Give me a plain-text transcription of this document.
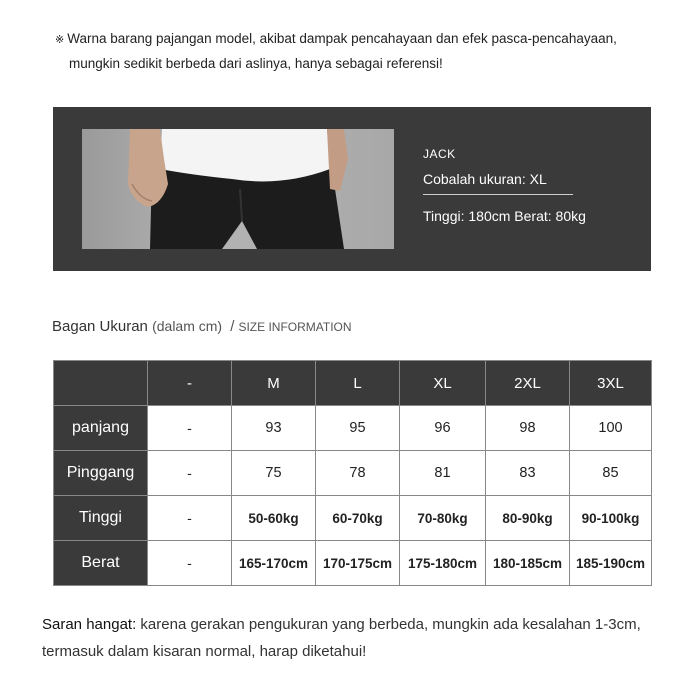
※ Warna barang pajangan model, akibat dampak pencahayaan dan efek pasca-pencahayaan,
mungkin sedikit berbeda dari aslinya, hanya sebagai referensi!
JACK
Cobalah ukuran: XL
Tinggi: 180cm Berat: 80kg
Bagan Ukuran (dalam cm) / SIZE INFORMATION
	-	M	L	XL	2XL	3XL
panjang	-	93	95	96	98	100
Pinggang	-	75	78	81	83	85
Tinggi	-	50-60kg	60-70kg	70-80kg	80-90kg	90-100kg
Berat	-	165-170cm	170-175cm	175-180cm	180-185cm	185-190cm
Saran hangat: karena gerakan pengukuran yang berbeda, mungkin ada kesalahan 1-3cm,
termasuk dalam kisaran normal, harap diketahui!
